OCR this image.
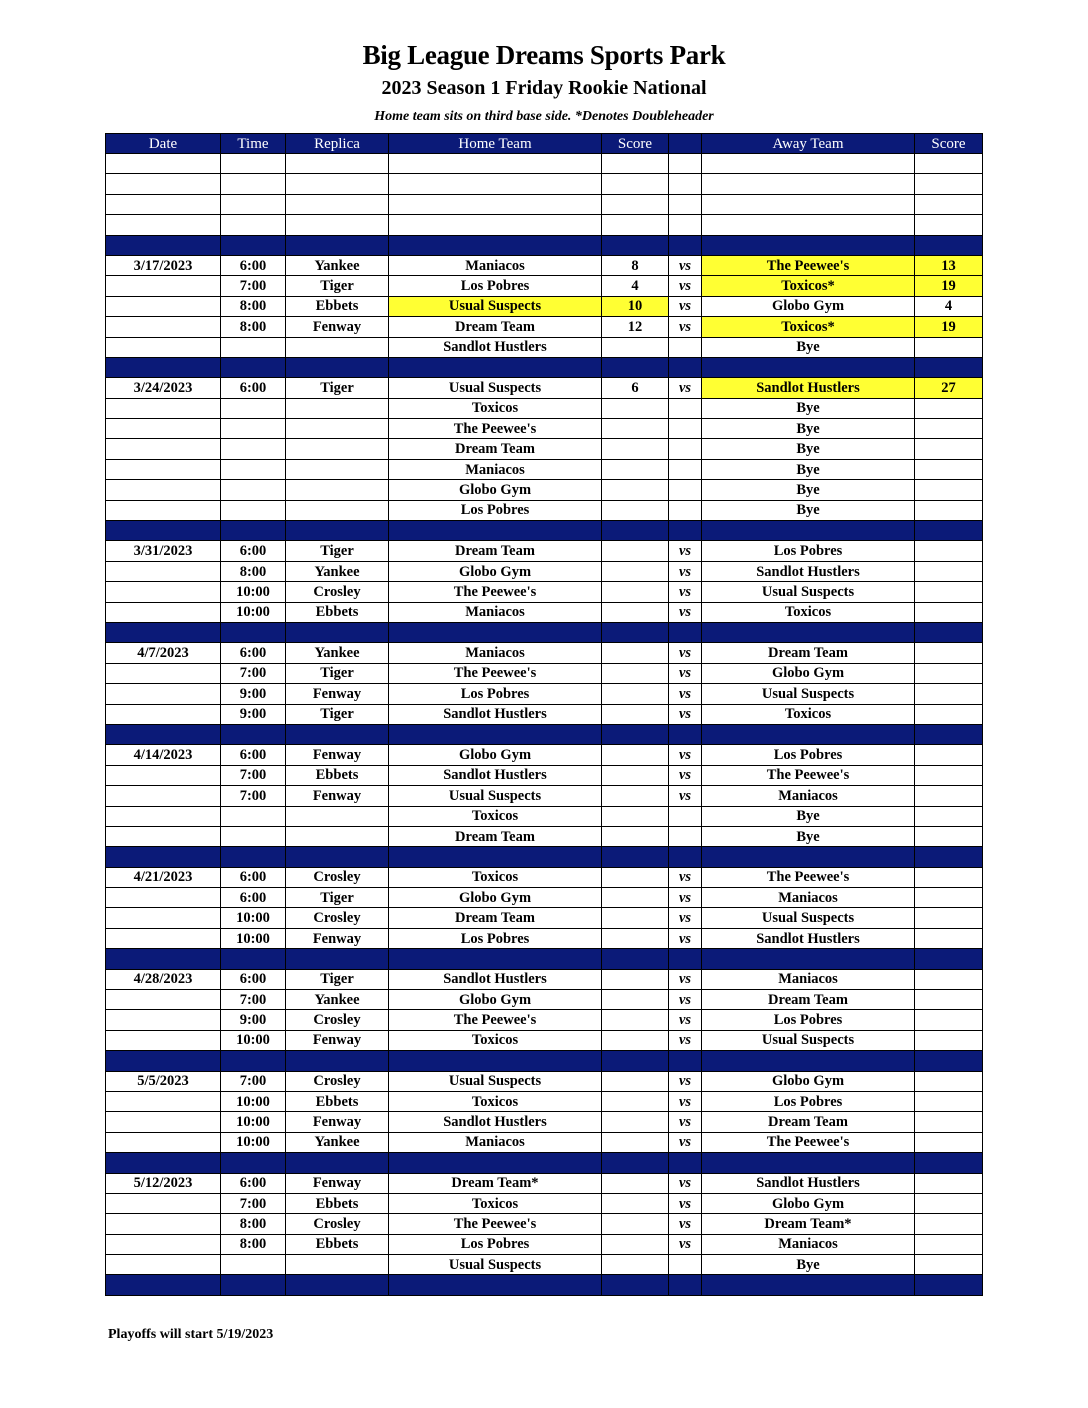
Big League Dreams Sports Park
2023 Season 1 Friday Rookie National
Home team sits on third base side. *Denotes Doubleheader
Date	Time	Replica	Home Team	Score		Away Team	Score

3/17/2023	6:00	Yankee	Maniacos	8	vs	The Peewee's	13
	7:00	Tiger	Los Pobres	4	vs	Toxicos*	19
	8:00	Ebbets	Usual Suspects	10	vs	Globo Gym	4
	8:00	Fenway	Dream Team	12	vs	Toxicos*	19
			Sandlot Hustlers			Bye	

3/24/2023	6:00	Tiger	Usual Suspects	6	vs	Sandlot Hustlers	27
			Toxicos			Bye	
			The Peewee's			Bye	
			Dream Team			Bye	
			Maniacos			Bye	
			Globo Gym			Bye	
			Los Pobres			Bye	

3/31/2023	6:00	Tiger	Dream Team		vs	Los Pobres	
	8:00	Yankee	Globo Gym		vs	Sandlot Hustlers	
	10:00	Crosley	The Peewee's		vs	Usual Suspects	
	10:00	Ebbets	Maniacos		vs	Toxicos	

4/7/2023	6:00	Yankee	Maniacos		vs	Dream Team	
	7:00	Tiger	The Peewee's		vs	Globo Gym	
	9:00	Fenway	Los Pobres		vs	Usual Suspects	
	9:00	Tiger	Sandlot Hustlers		vs	Toxicos	

4/14/2023	6:00	Fenway	Globo Gym		vs	Los Pobres	
	7:00	Ebbets	Sandlot Hustlers		vs	The Peewee's	
	7:00	Fenway	Usual Suspects		vs	Maniacos	
			Toxicos			Bye	
			Dream Team			Bye	

4/21/2023	6:00	Crosley	Toxicos		vs	The Peewee's	
	6:00	Tiger	Globo Gym		vs	Maniacos	
	10:00	Crosley	Dream Team		vs	Usual Suspects	
	10:00	Fenway	Los Pobres		vs	Sandlot Hustlers	

4/28/2023	6:00	Tiger	Sandlot Hustlers		vs	Maniacos	
	7:00	Yankee	Globo Gym		vs	Dream Team	
	9:00	Crosley	The Peewee's		vs	Los Pobres	
	10:00	Fenway	Toxicos		vs	Usual Suspects	

5/5/2023	7:00	Crosley	Usual Suspects		vs	Globo Gym	
	10:00	Ebbets	Toxicos		vs	Los Pobres	
	10:00	Fenway	Sandlot Hustlers		vs	Dream Team	
	10:00	Yankee	Maniacos		vs	The Peewee's	

5/12/2023	6:00	Fenway	Dream Team*		vs	Sandlot Hustlers	
	7:00	Ebbets	Toxicos		vs	Globo Gym	
	8:00	Crosley	The Peewee's		vs	Dream Team*	
	8:00	Ebbets	Los Pobres		vs	Maniacos	
			Usual Suspects			Bye	

Playoffs will start 5/19/2023
